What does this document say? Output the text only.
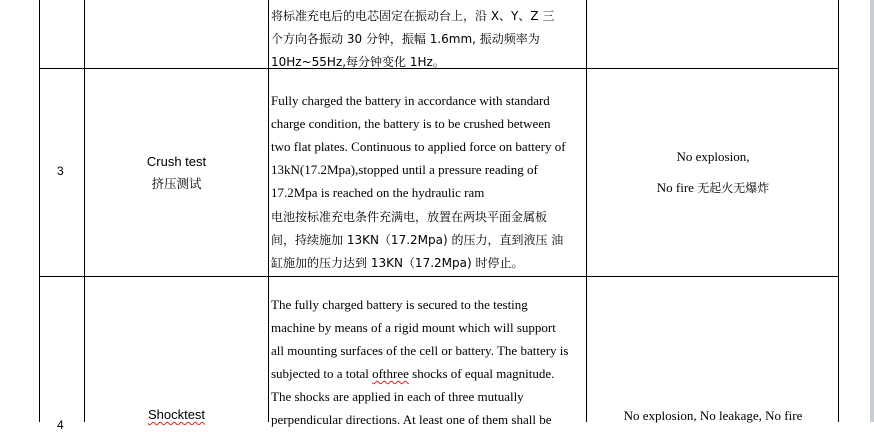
将标准充电后的电芯固定在振动台上，沿 X、Y、Z 三
个方向各振动 30 分钟，振幅 1.6mm, 振动频率为
10Hz~55Hz,每分钟变化 1Hz。
3
Crush test
挤压测试
Fully charged the battery in accordance with standard
charge condition, the battery is to be crushed between
two flat plates. Continuous to applied force on battery of
13kN(17.2Mpa),stopped until a pressure reading of
17.2Mpa is reached on the hydraulic ram
电池按标准充电条件充满电，放置在两块平面金属板
间，持续施加 13KN（17.2Mpa) 的压力，直到液压 油
缸施加的压力达到 13KN（17.2Mpa) 时停止。
No explosion,
No fire 无起火无爆炸
4
Shocktest
The fully charged battery is secured to the testing
machine by means of a rigid mount which will support
all mounting surfaces of the cell or battery. The battery is
subjected to a total ofthree shocks of equal magnitude.
The shocks are applied in each of three mutually
perpendicular directions. At least one of them shall be	No explosion, No leakage, No fire
